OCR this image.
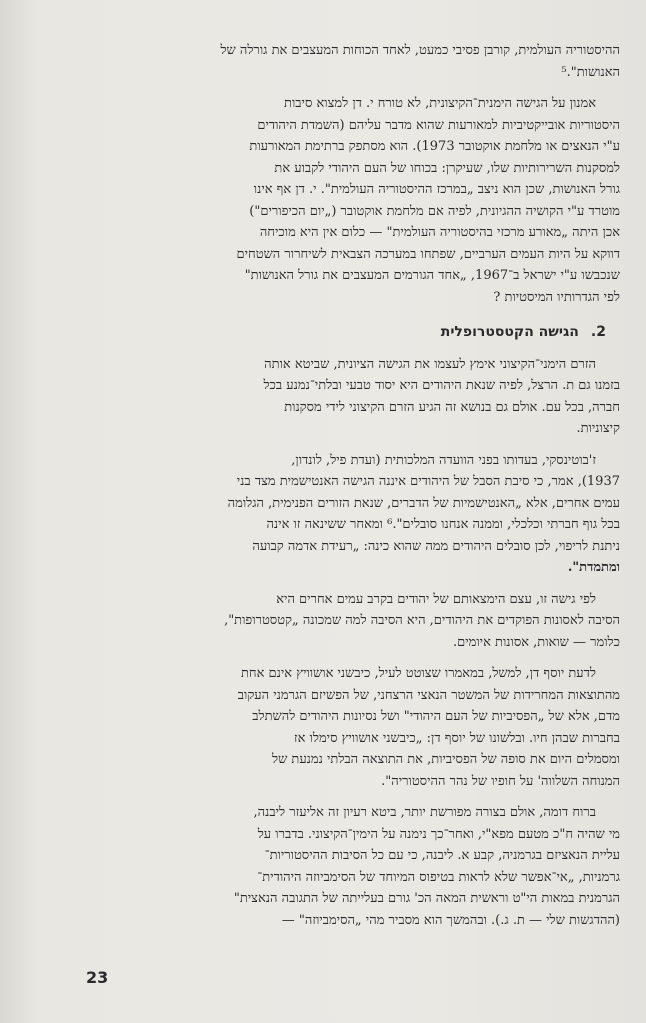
ההיסטוריה העולמית, קורבן פסיבי כמעט, לאחד הכוחות המעצבים את גורלה של
האנושות".⁵

אמנון על הגישה הימנית־הקיצונית, לא טורח י. דן למצוא סיבות
היסטוריות אובייקטיביות למאורעות שהוא מדבר עליהם (השמדת היהודים
ע"י הנאצים או מלחמת אוקטובר 1973). הוא מסתפק ברתימת המאורעות
למסקנות השרירותיות שלו, שעיקרן: בכוחו של העם היהודי לקבוע את
גורל האנושות, שכן הוא ניצב „במרכז ההיסטוריה העולמית". י. דן אף אינו
מוטרד ע"י הקושיה ההגיונית, לפיה אם מלחמת אוקטובר („יום הכיפורים")
אכן היתה „מאורע מרכזי בהיסטוריה העולמית" — כלום אין היא מוכיחה
דווקא על היות העמים הערביים, שפתחו במערכה הצבאית לשיחרור השטחים
שנכבשו ע"י ישראל ב־1967, „אחד הגורמים המעצבים את גורל האנושות"
לפי הגדרותיו המיסטיות ?

2.הגישה הקטסטרופלית

הזרם הימני־הקיצוני אימץ לעצמו את הגישה הציונית, שביטא אותה
בזמנו גם ת. הרצל, לפיה שנאת היהודים היא יסוד טבעי ובלתי־נמנע בכל
חברה, בכל עם. אולם גם בנושא זה הגיע הזרם הקיצוני לידי מסקנות
קיצוניות.

ז'בוטינסקי, בעדותו בפני הוועדה המלכותית (ועדת פיל, לונדון,
1937), אמר, כי סיבת הסבל של היהודים איננה הגישה האנטישמית מצד בני
עמים אחרים, אלא „האנטישמיות של הדברים, שנאת הזורים הפנימית, הגלומה
בכל גוף חברתי וכלכלי, וממנה אנחנו סובלים".⁶ ומאחר ששינאה זו אינה
ניתנת לריפוי, לכן סובלים היהודים ממה שהוא כינה: „רעידת אדמה קבועה
ומתמדת".

לפי גישה זו, עצם הימצאותם של יהודים בקרב עמים אחרים היא
הסיבה לאסונות הפוקדים את היהודים, היא הסיבה למה שמכונה „קטסטרופות",
כלומר — שואות, אסונות איומים.

לדעת יוסף דן, למשל, במאמרו שצוטט לעיל, כיבשני אושוויץ אינם אחת
מהתוצאות המחרידות של המשטר הנאצי הרצחני, של הפשיזם הגרמני העקוב
מדם, אלא של „הפסיביות של העם היהודי" ושל נסיונות היהודים להשתלב
בחברות שבהן חיו. ובלשונו של יוסף דן: „כיבשני אושוויץ סימלו אז
ומסמלים היום את סופה של הפסיביות, את התוצאה הבלתי נמנעת של
המנוחה השלווה' על חופיו של נהר ההיסטוריה".

ברוח דומה, אולם בצורה מפורשת יותר, ביטא רעיון זה אליעזר ליבנה,
מי שהיה ח"כ מטעם מפא"י, ואחר־כך נימנה על הימין־הקיצוני. בדברו על
עליית הנאציזם בגרמניה, קבע א. ליבנה, כי עם כל הסיבות ההיסטוריות־
גרמניות, „אי־אפשר שלא לראות בטיפוס המיוחד של הסימביוזה היהודית־
הגרמנית במאות הי"ט וראשית המאה הכ' גורם בעלייתה של התגובה הנאצית"
(ההדגשות שלי — ת. ג.). ובהמשך הוא מסביר מהי „הסימביוזה" —

23
